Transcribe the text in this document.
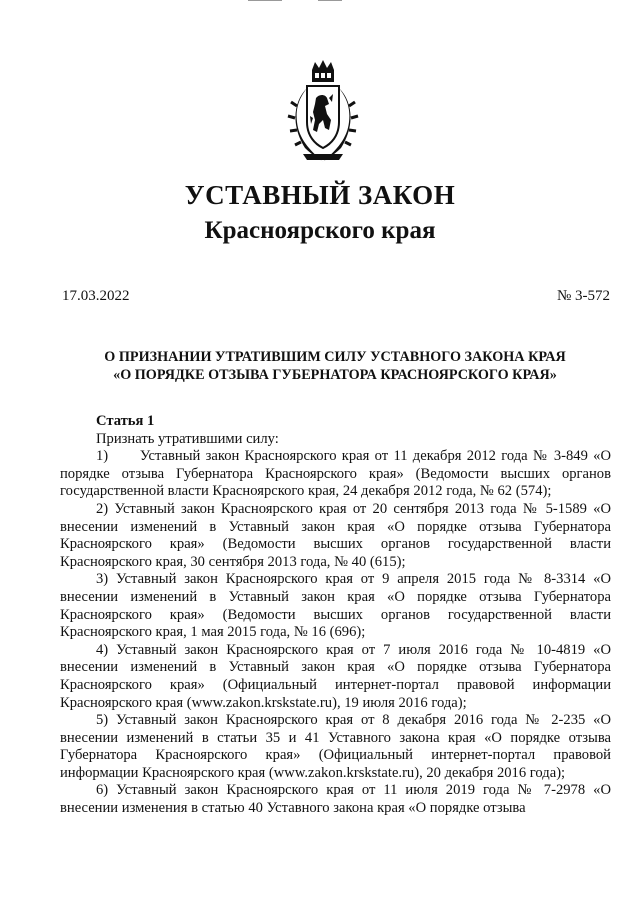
УСТАВНЫЙ ЗАКОН
Красноярского края
17.03.2022	№ 3-572
О ПРИЗНАНИИ УТРАТИВШИМ СИЛУ УСТАВНОГО ЗАКОНА КРАЯ
«О ПОРЯДКЕ ОТЗЫВА ГУБЕРНАТОРА КРАСНОЯРСКОГО КРАЯ»
Статья 1

Признать утратившими силу:

1)      Уставный закон Красноярского края от 11 декабря 2012 года № 3-849 «О порядке отзыва Губернатора Красноярского края» (Ведомости высших органов государственной власти Красноярского края, 24 декабря 2012 года, № 62 (574);

2) Уставный закон Красноярского края от 20 сентября 2013 года № 5-1589 «О внесении изменений в Уставный закон края «О порядке отзыва Губернатора Красноярского края» (Ведомости высших органов государственной власти Красноярского края, 30 сентября 2013 года, № 40 (615);

3) Уставный закон Красноярского края от 9 апреля 2015 года № 8-3314 «О внесении изменений в Уставный закон края «О порядке отзыва Губернатора Красноярского края» (Ведомости высших органов государственной власти Красноярского края, 1 мая 2015 года, № 16 (696);

4) Уставный закон Красноярского края от 7 июля 2016 года № 10-4819 «О внесении изменений в Уставный закон края «О порядке отзыва Губернатора Красноярского края» (Официальный интернет-портал правовой информации Красноярского края (www.zakon.krskstate.ru), 19 июля 2016 года);

5) Уставный закон Красноярского края от 8 декабря 2016 года № 2-235 «О внесении изменений в статьи 35 и 41 Уставного закона края «О порядке отзыва Губернатора Красноярского края» (Официальный интернет-портал правовой информации Красноярского края (www.zakon.krskstate.ru), 20 декабря 2016 года);

6) Уставный закон Красноярского края от 11 июля 2019 года № 7-2978 «О внесении изменения в статью 40 Уставного закона края «О порядке отзыва
